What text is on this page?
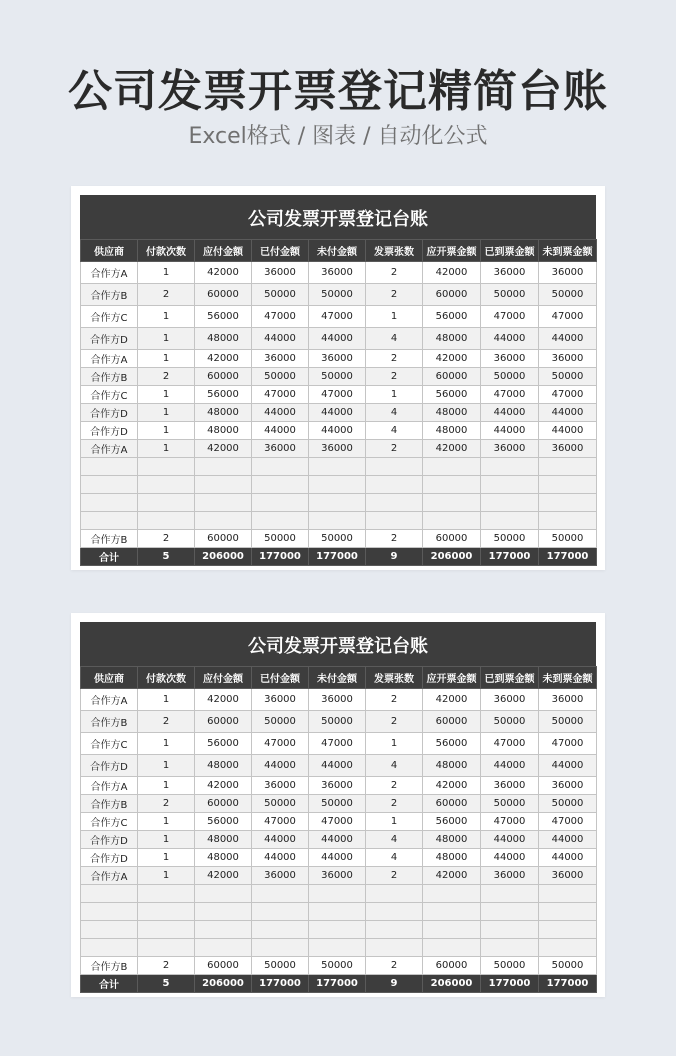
公司发票开票登记精简台账
Excel格式 / 图表 / 自动化公式
公司发票开票登记台账
供应商	付款次数	应付金额	已付金额	未付金额	发票张数	应开票金额	已到票金额	未到票金额
合作方A	1	42000	36000	36000	2	42000	36000	36000
合作方B	2	60000	50000	50000	2	60000	50000	50000
合作方C	1	56000	47000	47000	1	56000	47000	47000
合作方D	1	48000	44000	44000	4	48000	44000	44000
合作方A	1	42000	36000	36000	2	42000	36000	36000
合作方B	2	60000	50000	50000	2	60000	50000	50000
合作方C	1	56000	47000	47000	1	56000	47000	47000
合作方D	1	48000	44000	44000	4	48000	44000	44000
合作方D	1	48000	44000	44000	4	48000	44000	44000
合作方A	1	42000	36000	36000	2	42000	36000	36000

合作方B	2	60000	50000	50000	2	60000	50000	50000
合计	5	206000	177000	177000	9	206000	177000	177000
公司发票开票登记台账
供应商	付款次数	应付金额	已付金额	未付金额	发票张数	应开票金额	已到票金额	未到票金额
合作方A	1	42000	36000	36000	2	42000	36000	36000
合作方B	2	60000	50000	50000	2	60000	50000	50000
合作方C	1	56000	47000	47000	1	56000	47000	47000
合作方D	1	48000	44000	44000	4	48000	44000	44000
合作方A	1	42000	36000	36000	2	42000	36000	36000
合作方B	2	60000	50000	50000	2	60000	50000	50000
合作方C	1	56000	47000	47000	1	56000	47000	47000
合作方D	1	48000	44000	44000	4	48000	44000	44000
合作方D	1	48000	44000	44000	4	48000	44000	44000
合作方A	1	42000	36000	36000	2	42000	36000	36000

合作方B	2	60000	50000	50000	2	60000	50000	50000
合计	5	206000	177000	177000	9	206000	177000	177000
